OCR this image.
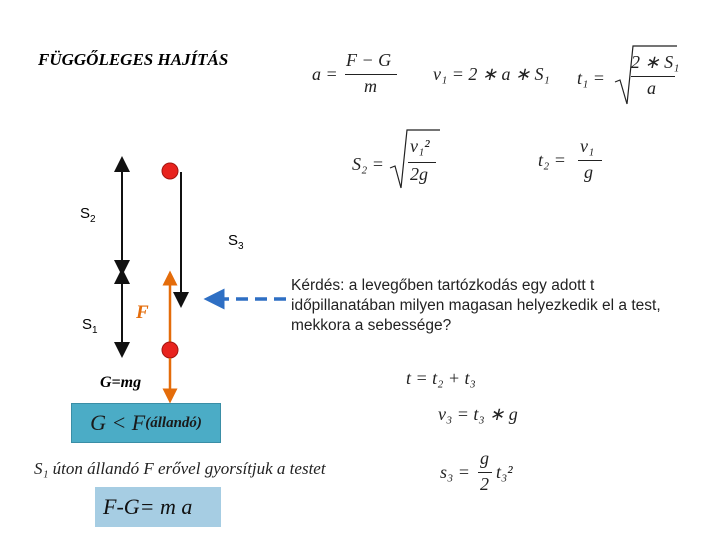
FÜGGŐLEGES HAJÍTÁS
a =
F − G
m
v₁ = 2 ∗ a ∗ S₁ t₁ =
2 ∗ S₁
a
S₂ =
v₁²
2g
t₂ =
v₁
g
t = t₂ + t₃
v₃ = t₃ ∗ g
s₃ =
g
2
t₃²
$S_2$
$S_3$
$S_1$
F
G=mg
Kérdés: a levegőben tartózkodás egy adott t időpillanatában milyen magasan helyezkedik el a test, mekkora a sebessége?
G < F (állandó)
S₁ úton állandó F erővel gyorsítjuk a testet
F-G= m a
